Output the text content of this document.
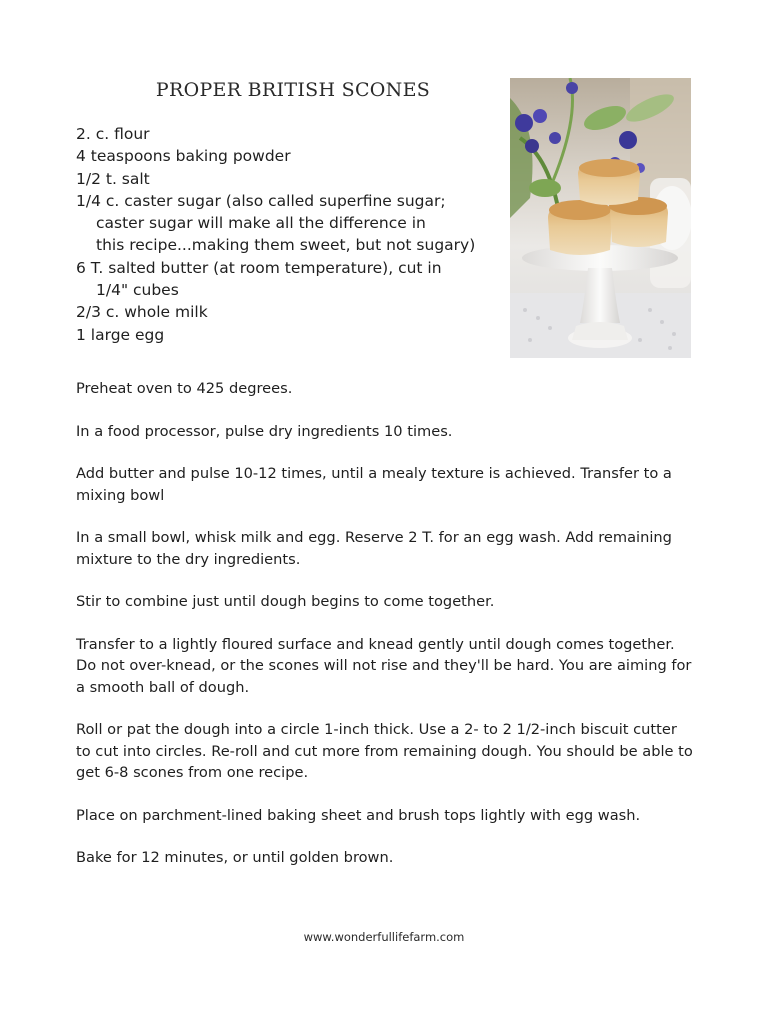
PROPER BRITISH SCONES
2. c. flour
4 teaspoons baking powder
1/2 t. salt
1/4 c. caster sugar (also called superfine sugar;
caster sugar will make all the difference in
this recipe...making them sweet, but not sugary)
6 T. salted butter (at room temperature), cut in
1/4" cubes
2/3 c. whole milk
1 large egg

Preheat oven to 425 degrees.

In a food processor, pulse dry ingredients 10 times.

Add butter and pulse 10-12 times, until a mealy texture is achieved. Transfer to a mixing bowl

In a small bowl, whisk milk and egg. Reserve 2 T. for an egg wash. Add remaining mixture to the dry ingredients.

Stir to combine just until dough begins to come together.

Transfer to a lightly floured surface and knead gently until dough comes together. Do not over-knead, or the scones will not rise and they'll be hard. You are aiming for a smooth ball of dough.

Roll or pat the dough into a circle 1-inch thick. Use a 2- to 2 1/2-inch biscuit cutter to cut into circles. Re-roll and cut more from remaining dough. You should be able to get 6-8 scones from one recipe.

Place on parchment-lined baking sheet and brush tops lightly with egg wash.

Bake for 12 minutes, or until golden brown.

www.wonderfullifefarm.com
